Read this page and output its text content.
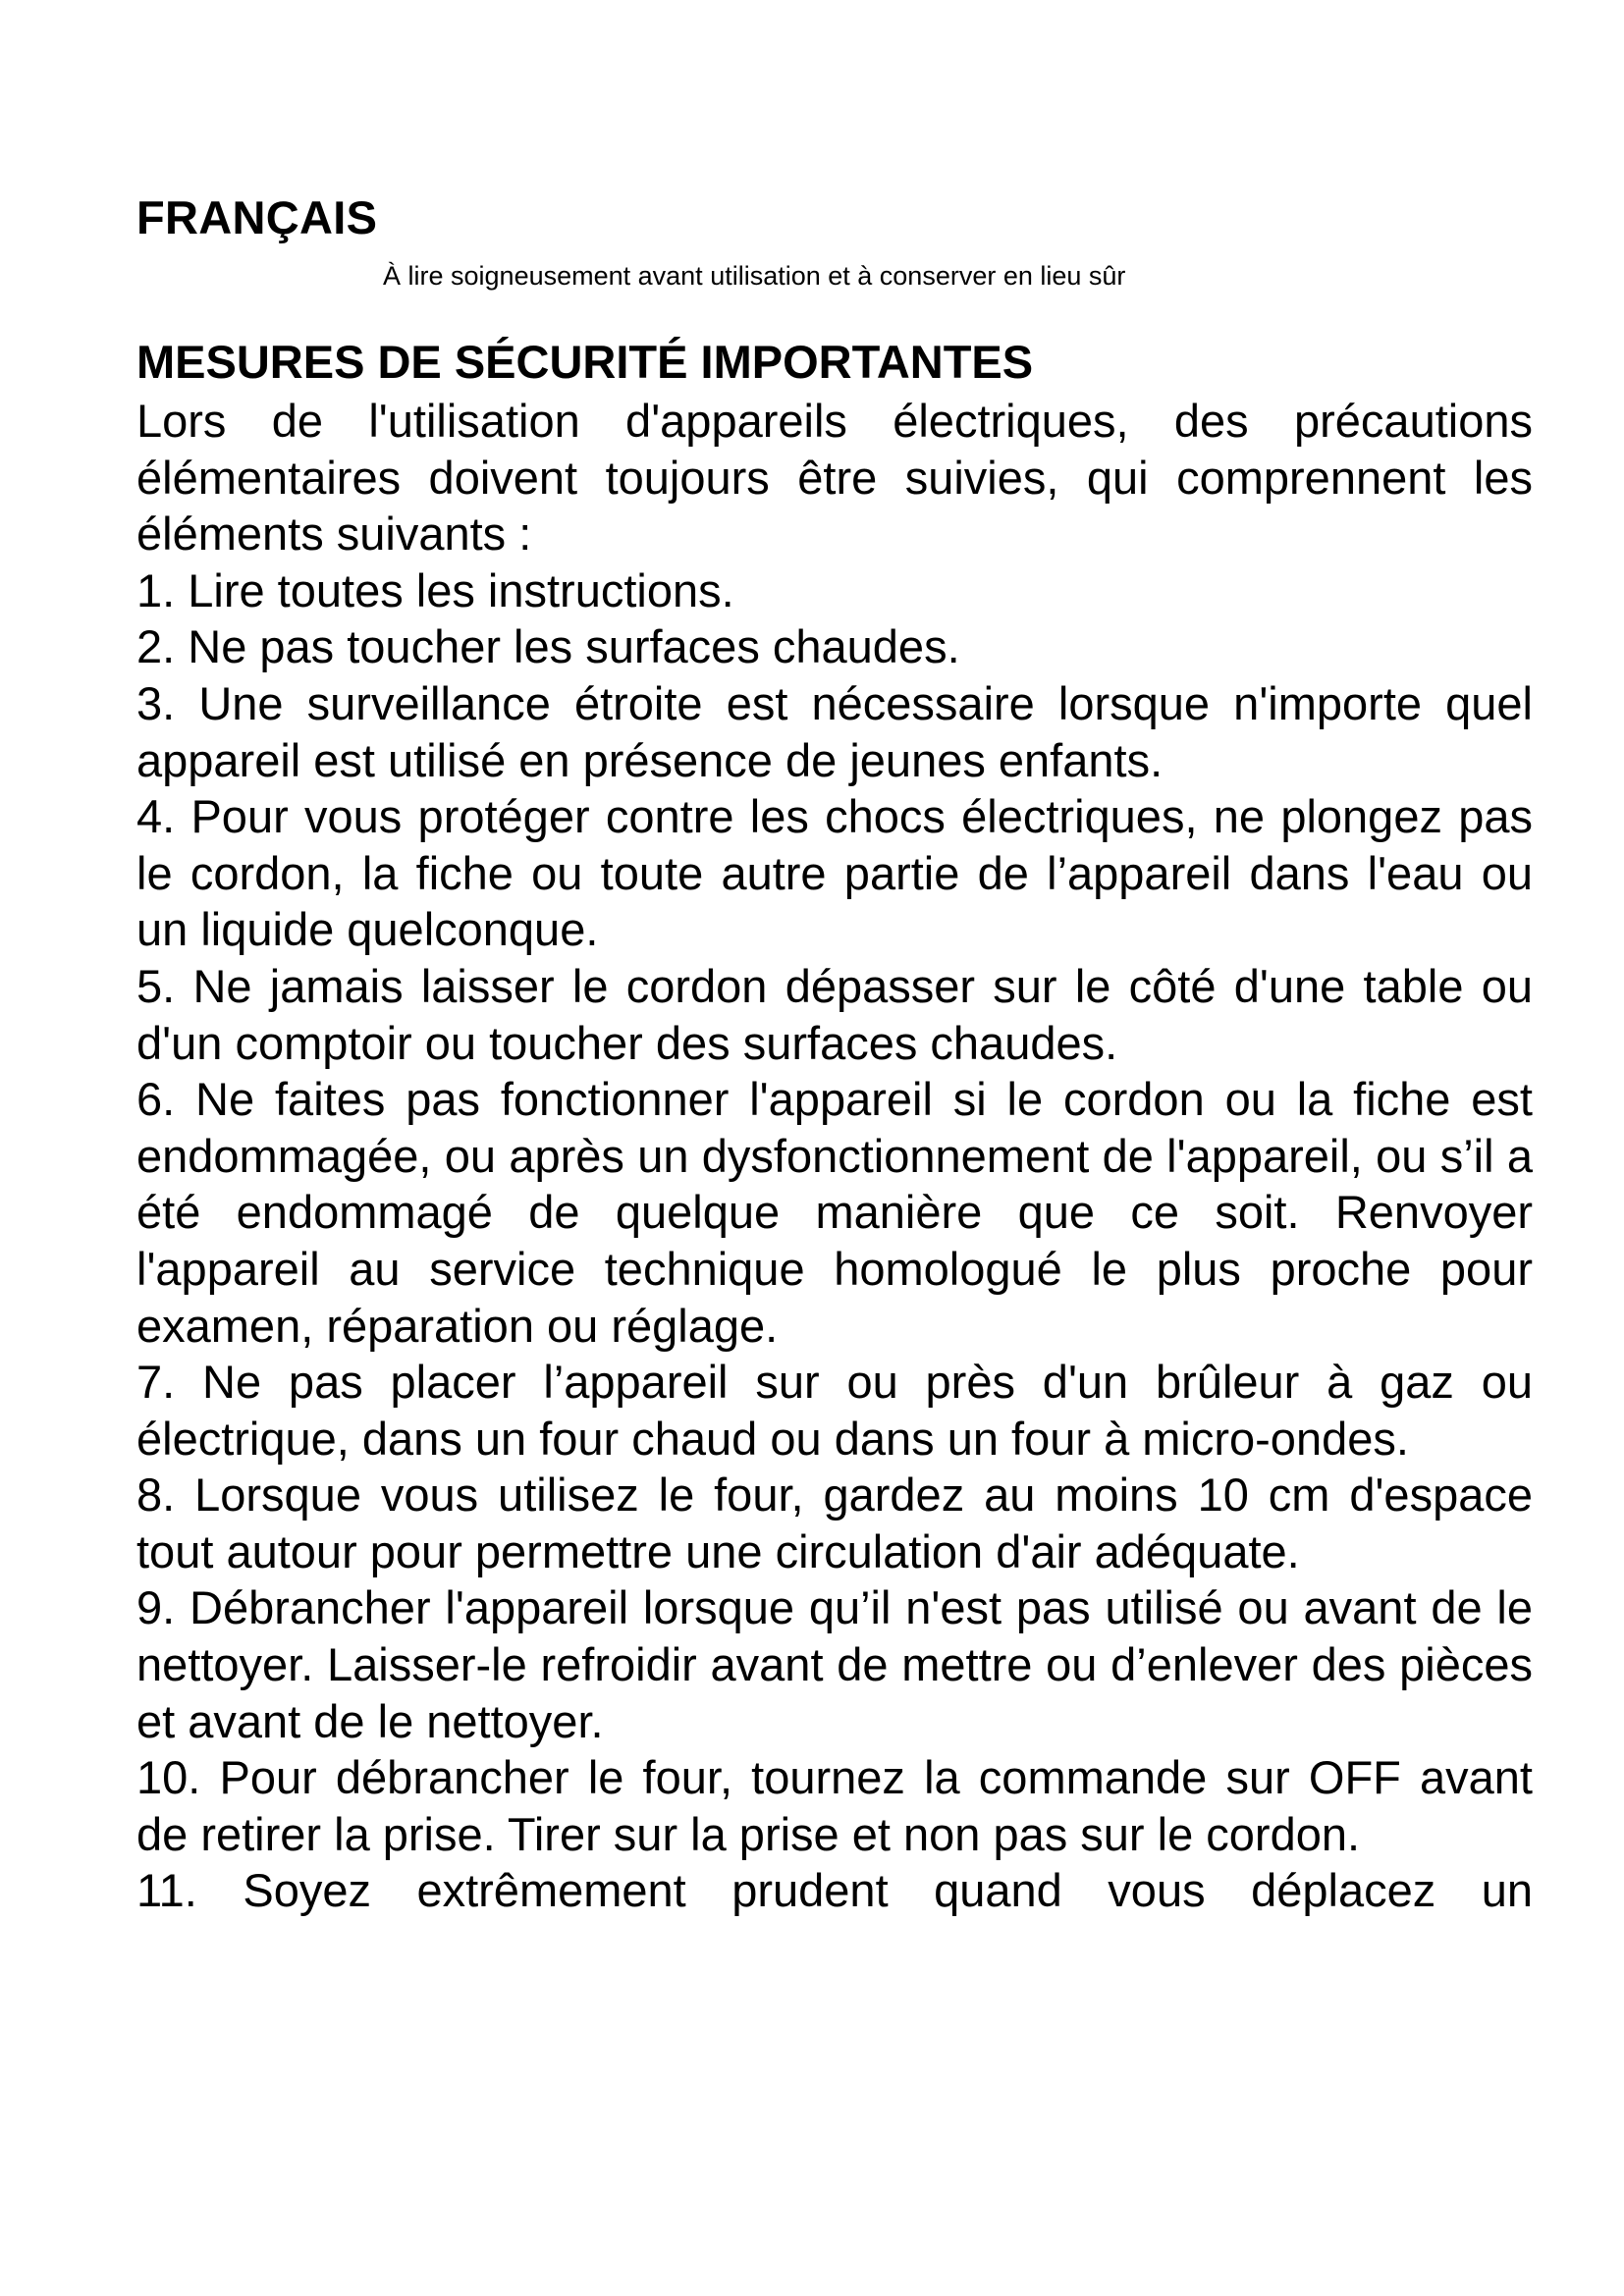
FRANÇAIS

À lire soigneusement avant utilisation et à conserver en lieu sûr

MESURES DE SÉCURITÉ IMPORTANTES

Lors de l'utilisation d'appareils électriques, des précautions élémentaires doivent toujours être suivies, qui comprennent les éléments suivants :

1. Lire toutes les instructions.

2. Ne pas toucher les surfaces chaudes.

3. Une surveillance étroite est nécessaire lorsque n'importe quel appareil est utilisé en présence de jeunes enfants.

4. Pour vous protéger contre les chocs électriques, ne plongez pas le cordon, la fiche ou toute autre partie de l’appareil dans l'eau ou un liquide quelconque.

5. Ne jamais laisser le cordon dépasser sur le côté d'une table ou d'un comptoir ou toucher des surfaces chaudes.

6. Ne faites pas fonctionner l'appareil si le cordon ou la fiche est endommagée, ou après un dysfonctionnement de l'appareil, ou s’il a été endommagé de quelque manière que ce soit. Renvoyer l'appareil au service technique homologué le plus proche pour examen, réparation ou réglage.

7. Ne pas placer l’appareil sur ou près d'un brûleur à gaz ou électrique, dans un four chaud ou dans un four à micro-ondes.

8. Lorsque vous utilisez le four, gardez au moins 10 cm d'espace tout autour pour permettre une circulation d'air adéquate.

9. Débrancher l'appareil lorsque qu’il n'est pas utilisé ou avant de le nettoyer. Laisser-le refroidir avant de mettre ou d’enlever des pièces et avant de le nettoyer.

10. Pour débrancher le four, tournez la commande sur OFF avant de retirer la prise. Tirer sur la prise et non pas sur le cordon.

11. Soyez extrêmement prudent quand vous déplacez un
